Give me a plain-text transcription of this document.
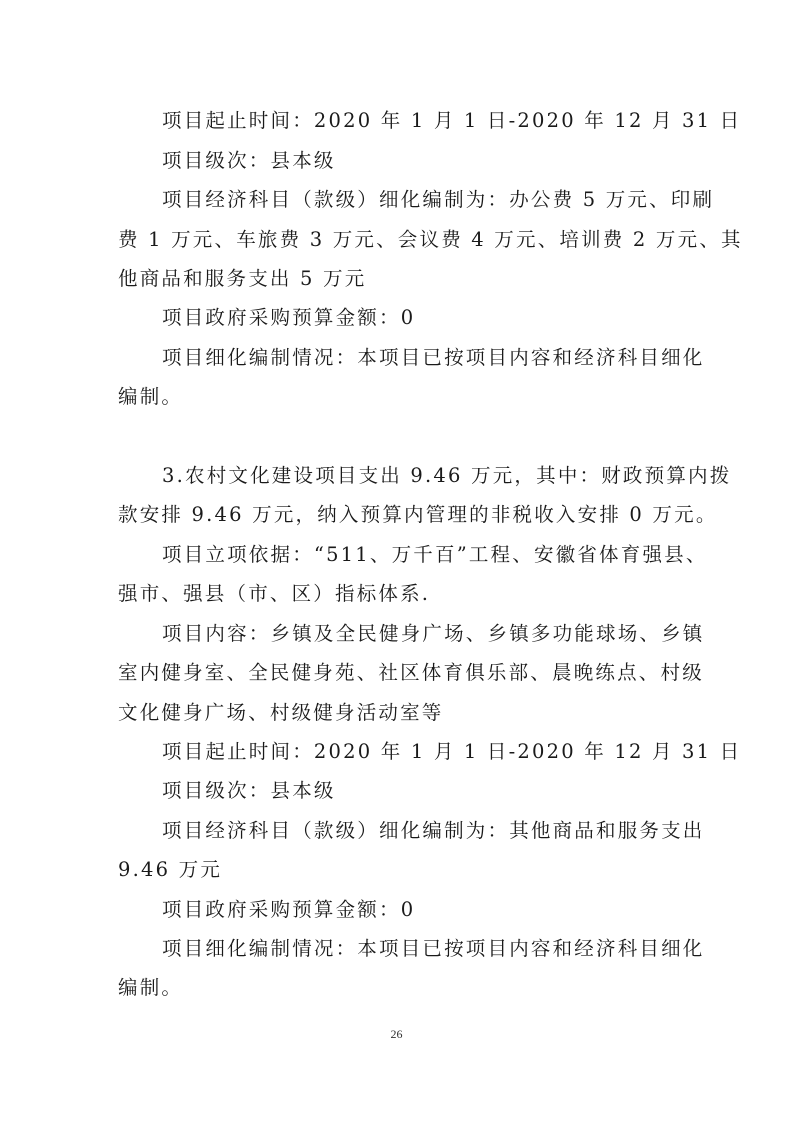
项目起止时间：2020 年 1 月 1 日-2020 年 12 月 31 日
项目级次：县本级
项目经济科目（款级）细化编制为：办公费 5 万元、印刷
费 1 万元、车旅费 3 万元、会议费 4 万元、培训费 2 万元、其
他商品和服务支出 5 万元
项目政府采购预算金额：0
项目细化编制情况：本项目已按项目内容和经济科目细化
编制。
3.农村文化建设项目支出 9.46 万元，其中：财政预算内拨
款安排 9.46 万元，纳入预算内管理的非税收入安排 0 万元。
项目立项依据：“511、万千百”工程、安徽省体育强县、
强市、强县（市、区）指标体系.
项目内容：乡镇及全民健身广场、乡镇多功能球场、乡镇
室内健身室、全民健身苑、社区体育俱乐部、晨晚练点、村级
文化健身广场、村级健身活动室等
项目起止时间：2020 年 1 月 1 日-2020 年 12 月 31 日
项目级次：县本级
项目经济科目（款级）细化编制为：其他商品和服务支出
9.46 万元
项目政府采购预算金额：0
项目细化编制情况：本项目已按项目内容和经济科目细化
编制。
26
